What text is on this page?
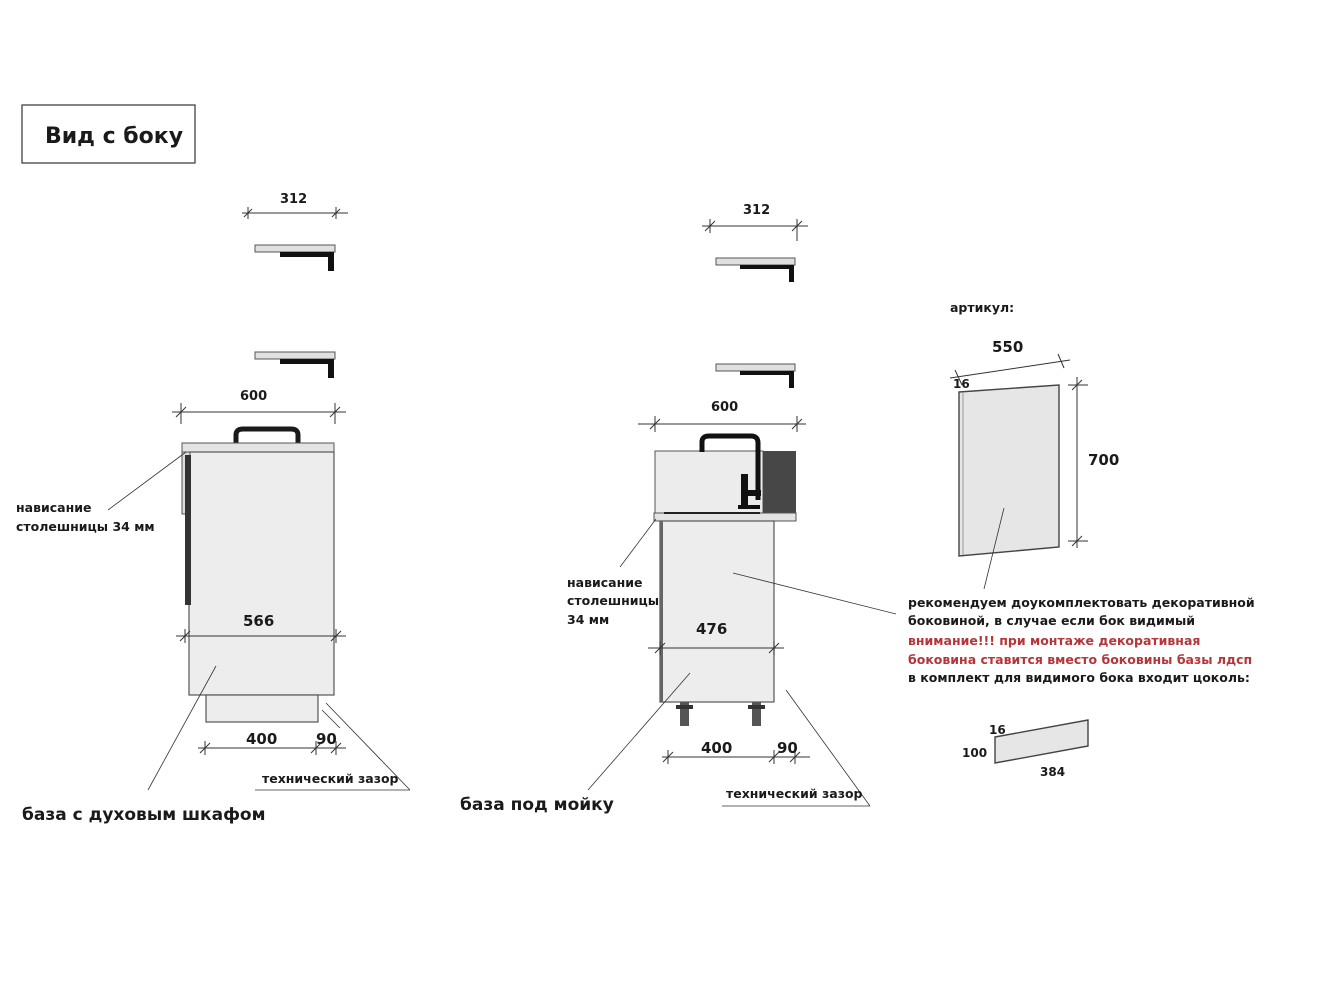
Вид с боку
312
600
566
400	90
нависание
столешницы 34 мм
технический зазор
база с духовым шкафом
312
600
476
400	90
нависание
столешницы
34 мм
технический зазор
база под мойку
артикул:
550
16
700
рекомендуем доукомплектовать декоративной
боковиной, в случае если бок видимый
внимание!!! при монтаже декоративная
боковина ставится вместо боковины базы лдсп
в комплект для видимого бока входит цоколь:
16
100
384
